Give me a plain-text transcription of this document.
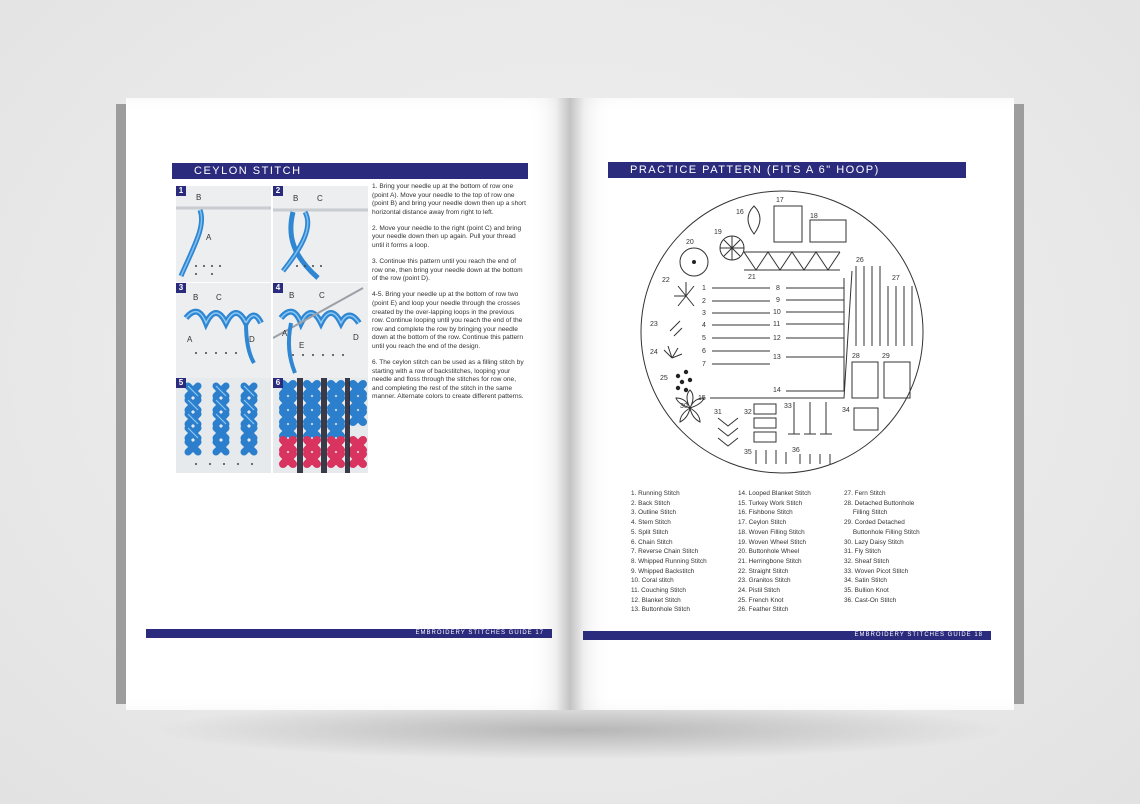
CEYLON STITCH
1
B
A
2
B C
3
B C
A	D
4
B	C
A
E
D
5	6

1. Bring your needle up at the bottom of row one (point A). Move your needle to the top of row one (point B) and bring your needle down then up a short horizontal distance away from right to left.

2. Move your needle to the right (point C) and bring your needle down then up again. Pull your thread until it forms a loop.

3. Continue this pattern until you reach the end of row one, then bring your needle down at the bottom of the row (point D).

4-5. Bring your needle up at the bottom of row two (point E) and loop your needle through the crosses created by the over-lapping loops in the previous row. Continue looping until you reach the end of the row and complete the row by bringing your needle down at the bottom of the row. Continue this pattern until you reach the end of the design.

6. The ceylon stitch can be used as a filling stitch by starting with a row of backstitches, looping your needle and floss through the stitches for row one, and completing the rest of the stitch in the same manner. Alternate colors to create different patterns.

EMBROIDERY STITCHES GUIDE 17
PRACTICE PATTERN (FITS A 6" HOOP)
1
2
3
4
5
6
7
8
9
10
11
12
13
14
15
16
17
18
19
20
21
22
23
24
25
26
27
28	29
30
31	32
33
34
35	36
1. Running Stitch
2. Back Stitch
3. Outline Stitch
4. Stem Stitch
5. Split Stitch
6. Chain Stitch
7. Reverse Chain Stitch
8. Whipped Running Stitch
9. Whipped Backstitch
10. Coral stitch
11. Couching Stitch
12. Blanket Stitch
13. Buttonhole Stitch
14. Looped Blanket Stitch
15. Turkey Work Stitch
16. Fishbone Stitch
17. Ceylon Stitch
18. Woven Filling Stitch
19. Woven Wheel Stitch
20. Buttonhole Wheel
21. Herringbone Stitch
22. Straight Stitch
23. Granitos Stitch
24. Pistil Stitch
25. French Knot
26. Feather Stitch
27. Fern Stitch
28. Detached Buttonhole
Filling Stitch
29. Corded Detached
Buttonhole Filling Stitch
30. Lazy Daisy Stitch
31. Fly Stitch
32. Sheaf Stitch
33. Woven Picot Stitch
34. Satin Stitch
35. Bullion Knot
36. Cast-On Stitch
EMBROIDERY STITCHES GUIDE 18
